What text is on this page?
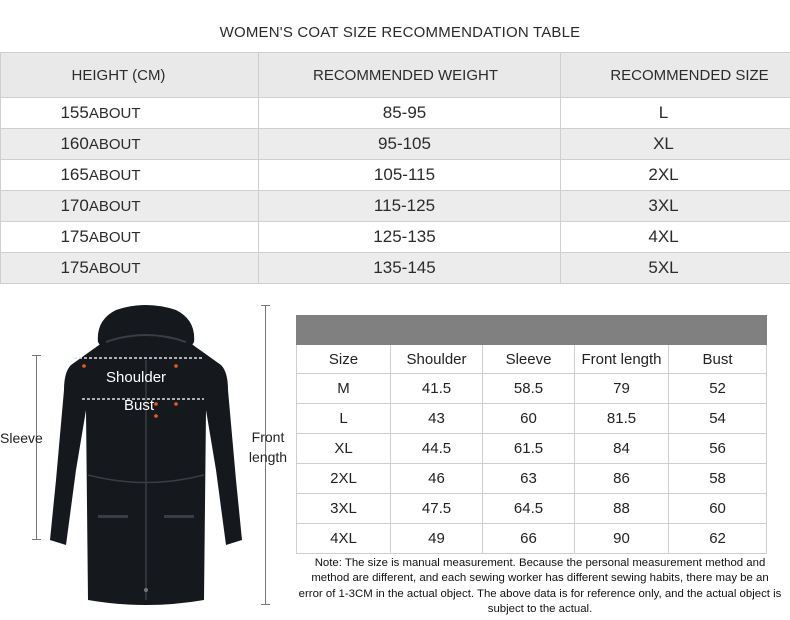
WOMEN'S COAT SIZE RECOMMENDATION TABLE
HEIGHT (CM)	RECOMMENDED WEIGHT	RECOMMENDED SIZE
155ABOUT	85-95	L
160ABOUT	95-105	XL
165ABOUT	105-115	2XL
170ABOUT	115-125	3XL
175ABOUT	125-135	4XL
175ABOUT	135-145	5XL
Shoulder
Bust
Sleeve	Front length

Size	Shoulder	Sleeve	Front length	Bust
M	41.5	58.5	79	52
L	43	60	81.5	54
XL	44.5	61.5	84	56
2XL	46	63	86	58
3XL	47.5	64.5	88	60
4XL	49	66	90	62
Note: The size is manual measurement. Because the personal measurement method and method are different, and each sewing worker has different sewing habits, there may be an error of 1-3CM in the actual object. The above data is for reference only, and the actual object is subject to the actual.
